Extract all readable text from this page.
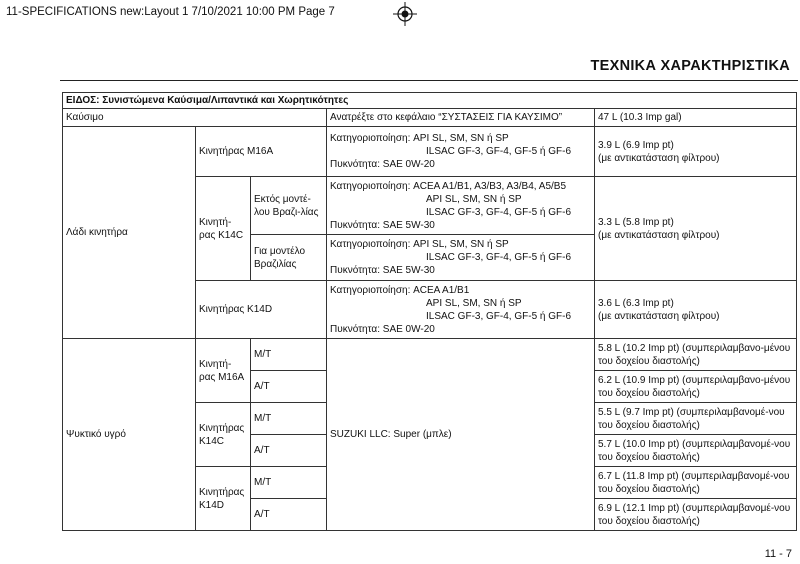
11-SPECIFICATIONS new:Layout 1 7/10/2021 10:00 PM Page 7
ΤΕΧΝΙΚΑ ΧΑΡΑΚΤΗΡΙΣΤΙΚΑ
ΕΙΔΟΣ: Συνιστώμενα Καύσιμα/Λιπαντικά και Χωρητικότητες				
Καύσιμο			Ανατρέξτε στο κεφάλαιο “ΣΥΣΤΑΣΕΙΣ ΓΙΑ ΚΑΥΣΙΜΟ”	47 L (10.3 Imp gal)
Λάδι κινητήρα	Κινητήρας M16A		Κατηγοριοποίηση: API SL, SM, SN ή SP
ILSAC GF-3, GF-4, GF-5 ή GF-6
Πυκνότητα: SAE 0W-20	3.9 L (6.9 Imp pt)
(με αντικατάσταση φίλτρου)

	Κινητή-ρας K14C	Εκτός μοντέ-λου Βραζι-λίας	Κατηγοριοποίηση: ACEA A1/B1, A3/B3, A3/B4, A5/B5
API SL, SM, SN ή SP
ILSAC GF-3, GF-4, GF-5 ή GF-6
Πυκνότητα: SAE 5W-30	3.3 L (5.8 Imp pt)
(με αντικατάσταση φίλτρου)

		Για μοντέλο Βραζιλίας	Κατηγοριοποίηση: API SL, SM, SN ή SP
ILSAC GF-3, GF-4, GF-5 ή GF-6
Πυκνότητα: SAE 5W-30	

	Κινητήρας K14D		Κατηγοριοποίηση: ACEA A1/B1
API SL, SM, SN ή SP
ILSAC GF-3, GF-4, GF-5 ή GF-6
Πυκνότητα: SAE 0W-20	3.6 L (6.3 Imp pt)
(με αντικατάσταση φίλτρου)

Ψυκτικό υγρό	Κινητή-ρας M16A	M/T	SUZUKI LLC: Super (μπλε)	5.8 L (10.2 Imp pt) (συμπεριλαμβανο-μένου του δοχείου διαστολής)
		A/T		6.2 L (10.9 Imp pt) (συμπεριλαμβανο-μένου του δοχείου διαστολής)
	Κινητήρας K14C	M/T		5.5 L (9.7 Imp pt) (συμπεριλαμβανομέ-νου του δοχείου διαστολής)
		A/T		5.7 L (10.0 Imp pt) (συμπεριλαμβανομέ-νου του δοχείου διαστολής)
	Κινητήρας K14D	M/T		6.7 L (11.8 Imp pt) (συμπεριλαμβανομέ-νου του δοχείου διαστολής)
		A/T		6.9 L (12.1 Imp pt) (συμπεριλαμβανομέ-νου του δοχείου διαστολής)
11 - 7
